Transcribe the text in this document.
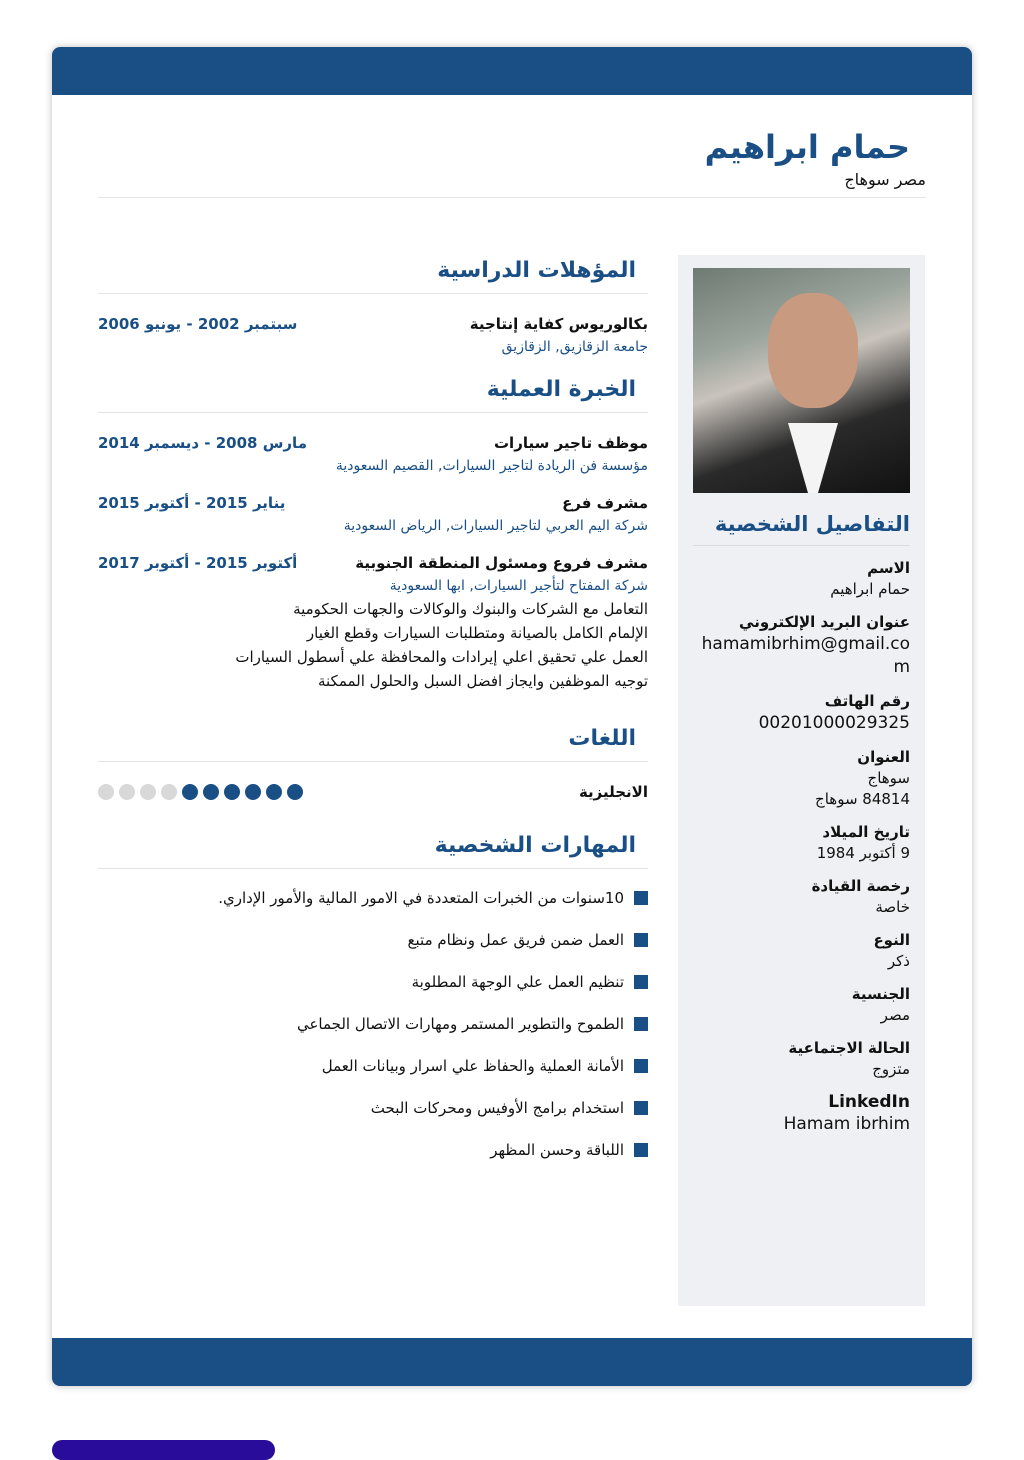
حمام ابراهيم
مصر سوهاج
التفاصيل الشخصية
الاسم
حمام ابراهيم
عنوان البريد الإلكتروني
hamamibrhim@gmail.com
رقم الهاتف
00201000029325
العنوان
سوهاج
84814 سوهاج
تاريخ الميلاد
9 أكتوبر 1984
رخصة القيادة
خاصة
النوع
ذكر
الجنسية
مصر
الحالة الاجتماعية
متزوج
LinkedIn
Hamam ibrhim
المؤهلات الدراسية
بكالوريوس كفاية إنتاجية
سبتمبر 2002 - يونيو 2006
جامعة الزقازيق, الزقازيق
الخبرة العملية
موظف تاجير سيارات
مارس 2008 - ديسمبر 2014
مؤسسة فن الريادة لتاجير السيارات, القصيم السعودية
مشرف فرع
يناير 2015 - أكتوبر 2015
شركة اليم العربي لتاجير السيارات, الرياض السعودية
مشرف فروع ومسئول المنطقة الجنوبية
أكتوبر 2015 - أكتوبر 2017
شركة المفتاح لتأجير السيارات, ابها السعودية
التعامل مع الشركات والبنوك والوكالات والجهات الحكومية
الإلمام الكامل بالصيانة ومتطلبات السيارات وقطع الغيار
العمل علي تحقيق اعلي إيرادات والمحافظة علي أسطول السيارات
توجيه الموظفين وايجاز افضل السبل والحلول الممكنة
اللغات
الانجليزية
المهارات الشخصية
10سنوات من الخبرات المتعددة في الامور المالية والأمور الإداري.
العمل ضمن فريق عمل ونظام متبع
تنظيم العمل علي الوجهة المطلوبة
الطموح والتطوير المستمر ومهارات الاتصال الجماعي
الأمانة العملية والحفاظ علي اسرار وبيانات العمل
استخدام برامج الأوفيس ومحركات البحث
اللباقة وحسن المظهر
